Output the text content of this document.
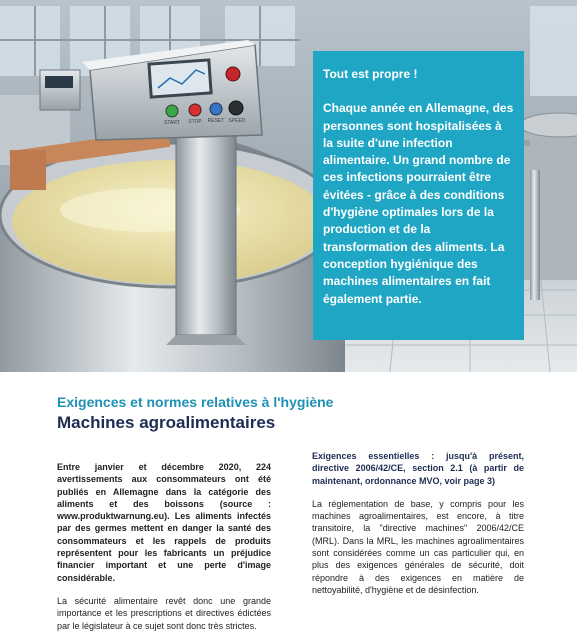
START STOP RESET SPEED
Tout est propre !
Chaque année en Allemagne, des personnes sont hospitalisées à la suite d'une infection alimentaire. Un grand nombre de ces infections pourraient être évitées - grâce à des conditions d'hygiène optimales lors de la production et de la transformation des aliments. La conception hygiénique des machines alimentaires en fait également partie.
Exigences et normes relatives à l'hygiène
Machines agroalimentaires

Entre janvier et décembre 2020, 224 avertissements aux consommateurs ont été publiés en Allemagne dans la catégorie des aliments et des boissons (source : www.produktwarnung.eu). Les aliments infectés par des germes mettent en danger la santé des consommateurs et les rappels de produits représentent pour les fabricants un préjudice financier important et une perte d'image considérable.

La sécurité alimentaire revêt donc une grande importance et les prescriptions et directives édictées par le législateur à ce sujet sont donc très strictes.

Exigences essentielles : jusqu'à présent, directive 2006/42/CE, section 2.1 (à partir de maintenant, ordonnance MVO, voir page 3)

La réglementation de base, y compris pour les machines agroalimentaires, est encore, à titre transitoire, la "directive machines" 2006/42/CE (MRL). Dans la MRL, les machines agroalimentaires sont considérées comme un cas particulier qui, en plus des exigences générales de sécurité, doit répondre à des exigences en matière de nettoyabilité, d'hygiène et de désinfection.
